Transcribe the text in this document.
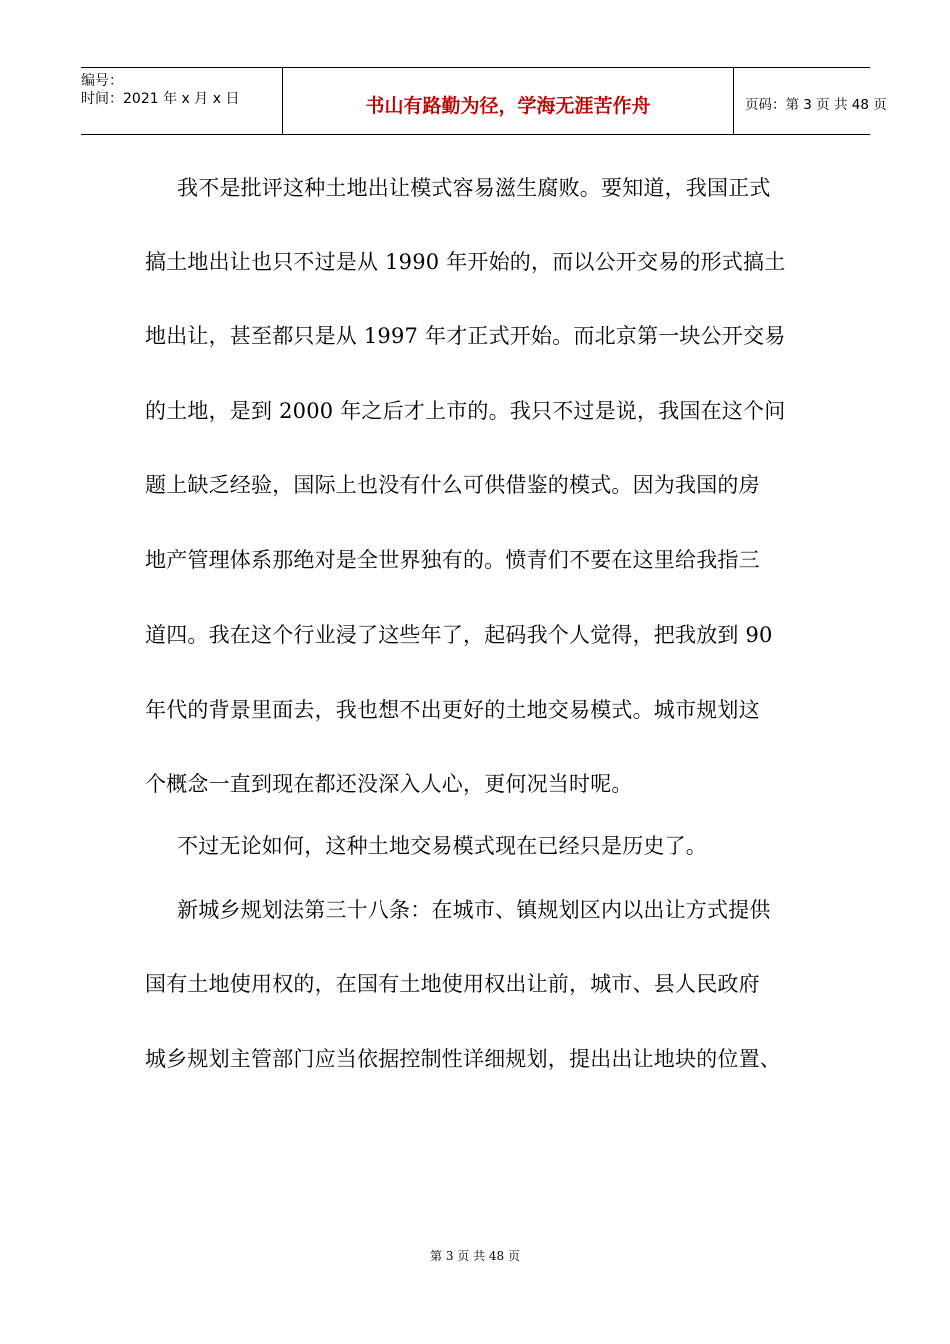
编号：
时间：2021 年 x 月 x 日	书山有路勤为径，学海无涯苦作舟	页码：第 3 页 共 48 页
我不是批评这种土地出让模式容易滋生腐败。要知道，我国正式
搞土地出让也只不过是从 1990 年开始的，而以公开交易的形式搞土
地出让，甚至都只是从 1997 年才正式开始。而北京第一块公开交易
的土地，是到 2000 年之后才上市的。我只不过是说，我国在这个问
题上缺乏经验，国际上也没有什么可供借鉴的模式。因为我国的房
地产管理体系那绝对是全世界独有的。愤青们不要在这里给我指三
道四。我在这个行业浸了这些年了，起码我个人觉得，把我放到 90
年代的背景里面去，我也想不出更好的土地交易模式。城市规划这
个概念一直到现在都还没深入人心，更何况当时呢。
不过无论如何，这种土地交易模式现在已经只是历史了。
新城乡规划法第三十八条：在城市、镇规划区内以出让方式提供
国有土地使用权的，在国有土地使用权出让前，城市、县人民政府
城乡规划主管部门应当依据控制性详细规划，提出出让地块的位置、
第 3 页 共 48 页
